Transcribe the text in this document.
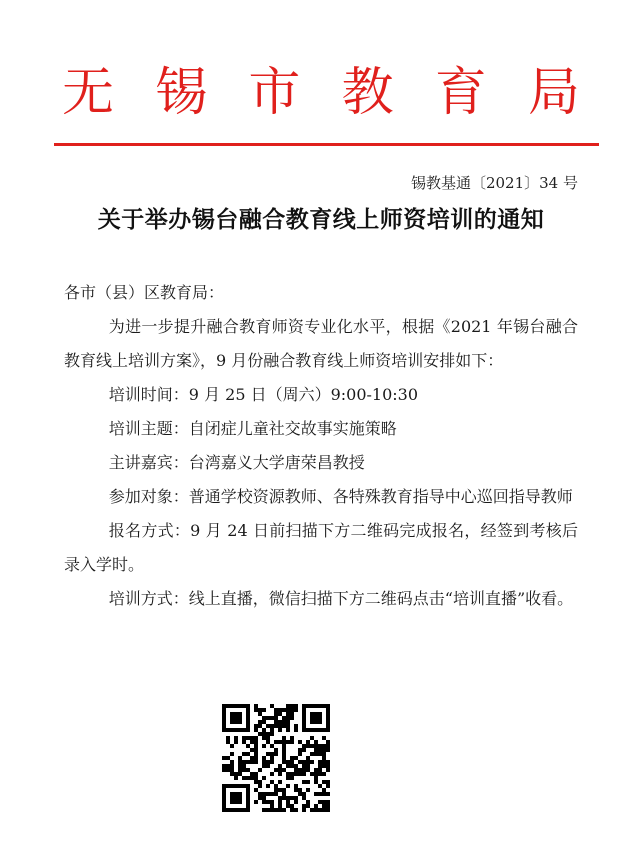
无 锡 市 教 育 局
锡教基通〔2021〕34 号
关于举办锡台融合教育线上师资培训的通知

各市（县）区教育局：

为进一步提升融合教育师资专业化水平，根据《2021 年锡台融合教育线上培训方案》，9 月份融合教育线上师资培训安排如下：

培训时间：9 月 25 日（周六）9:00-10:30

培训主题：自闭症儿童社交故事实施策略

主讲嘉宾：台湾嘉义大学唐荣昌教授

参加对象：普通学校资源教师、各特殊教育指导中心巡回指导教师

报名方式：9 月 24 日前扫描下方二维码完成报名，经签到考核后录入学时。

培训方式：线上直播，微信扫描下方二维码点击“培训直播”收看。
